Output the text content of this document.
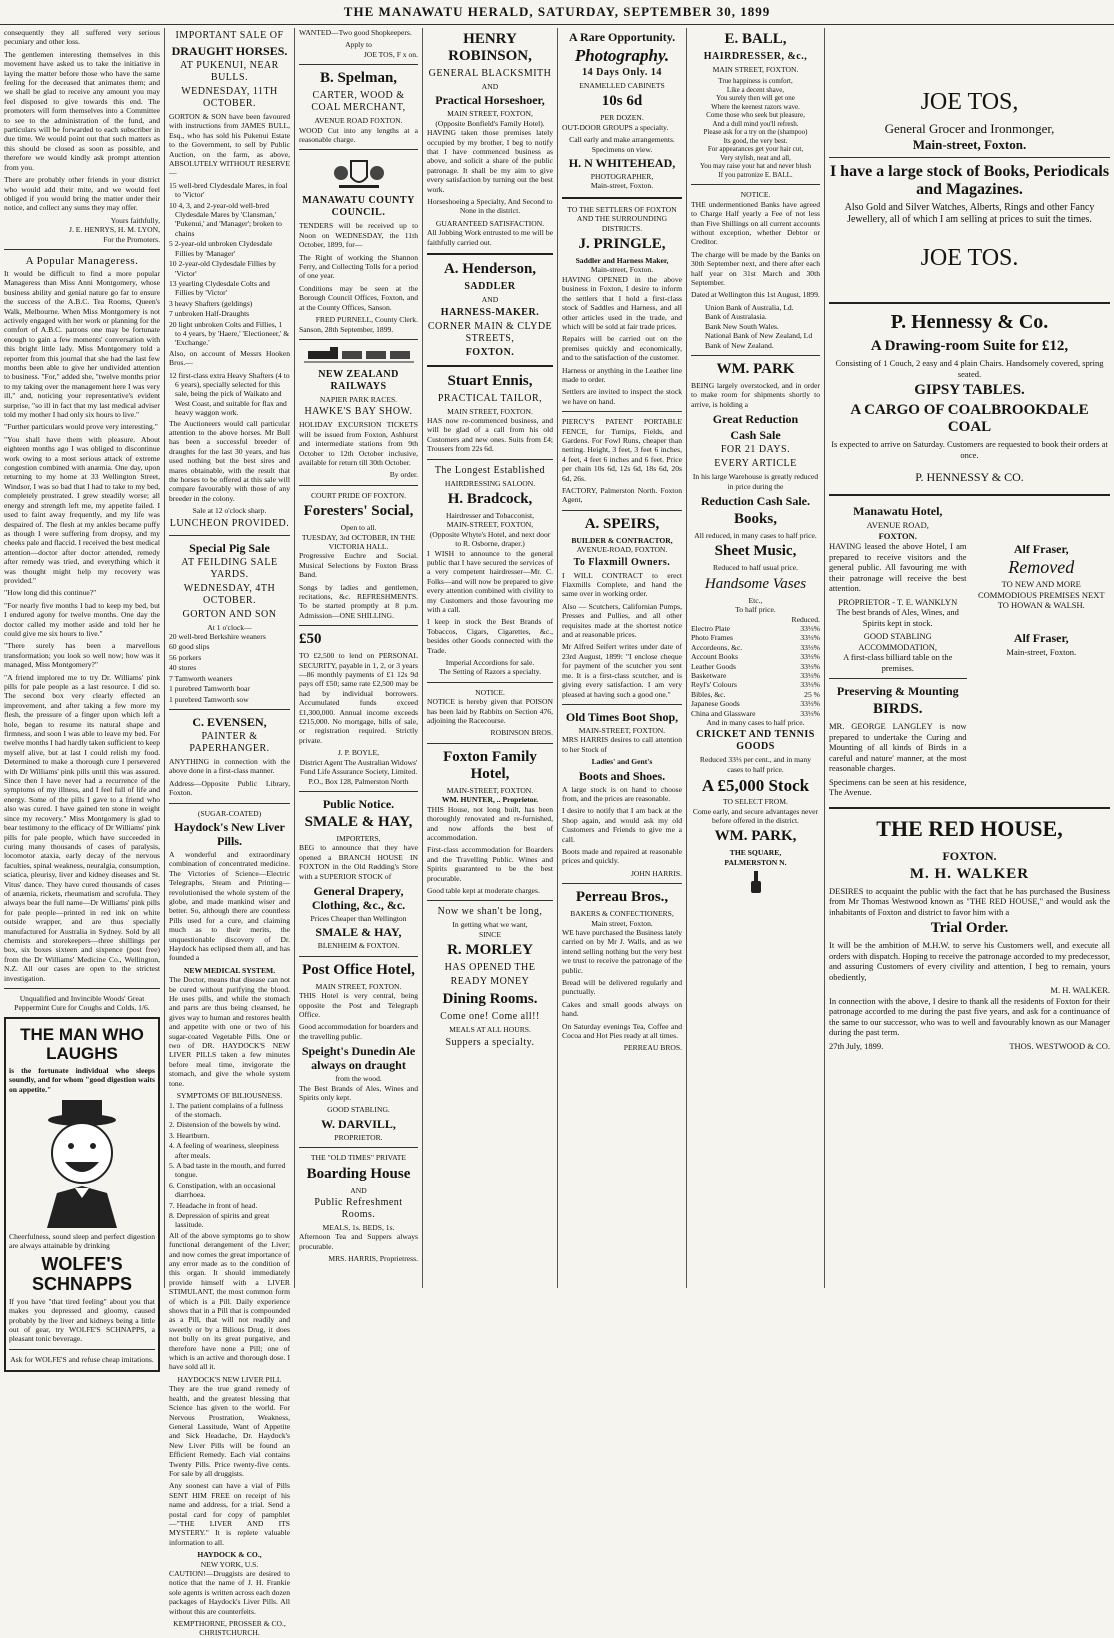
THE MANAWATU HERALD, SATURDAY, SEPTEMBER 30, 1899

consequently they all suffered very serious pecuniary and other loss.

The gentlemen interesting themselves in this movement have asked us to take the initiative in laying the matter before those who have the same feeling for the deceased that animates them; and we shall be glad to receive any amount you may feel disposed to give towards this end. The promoters will form themselves into a Committee to see to the administration of the fund, and particulars will be forwarded to each subscriber in due time. We would point out that such matters as this should be closed as soon as possible, and therefore we would kindly ask prompt attention from you.

There are probably other friends in your district who would add their mite, and we would feel obliged if you would bring the matter under their notice, and collect any sums they may offer.

Yours faithfully,
J. E. HENRYS, H. M. LYON,
For the Promoters.
A Popular Manageress.

It would be difficult to find a more popular Manageress than Miss Anni Montgomery, whose business ability and genial nature go far to ensure the success of the A.B.C. Tea Rooms, Queen's Walk, Melbourne. When Miss Montgomery is not actively engaged with her work or planning for the comfort of A.B.C. patrons one may be fortunate enough to gain a few moments' conversation with this bright little lady. Miss Montgomery told a reporter from this journal that she had the last few months been able to give her undivided attention to business. "For," added she, "twelve months prior to my taking over the management here I was very ill," and, noticing your representative's evident surprise, "so ill in fact that my last medical adviser told my mother I had only six hours to live."

"Further particulars would prove very interesting."

"You shall have them with pleasure. About eighteen months ago I was obliged to discontinue work owing to a most serious attack of extreme congestion combined with anæmia. One day, upon returning to my home at 33 Wellington Street, Windsor, I was so bad that I had to take to my bed, completely prostrated. I grew steadily worse; all energy and strength left me, my appetite failed. I used to faint away frequently, and my life was despaired of. The flesh at my ankles became puffy as though I were suffering from dropsy, and my cheeks pale and flaccid. I received the best medical attention—doctor after doctor attended, remedy after remedy was tried, and everything which it was thought might help my recovery was provided."

"How long did this continue?"

"For nearly five months I had to keep my bed, but I endured agony for twelve months. One day the doctor called my mother aside and told her he could give me six hours to live."

"There surely has been a marvellous transformation; you look so well now; how was it managed, Miss Montgomery?"

"A friend implored me to try Dr. Williams' pink pills for pale people as a last resource. I did so. The second box very clearly effected an improvement, and after taking a few more my flesh, the pressure of a finger upon which left a hole, began to resume its natural shape and firmness, and soon I was able to leave my bed. For twelve months I had hardly taken sufficient to keep myself alive, but at last I could relish my food. Determined to make a thorough cure I persevered with Dr Williams' pink pills until this was assured. Since then I have never had a recurrence of the symptoms of my illness, and I feel full of life and energy. Some of the pills I gave to a friend who also was cured. I have gained ten stone in weight since my recovery." Miss Montgomery is glad to bear testimony to the efficacy of Dr Williams' pink pills for pale people, which have succeeded in curing many thousands of cases of paralysis, locomotor ataxia, early decay of the nervous faculties, spinal weakness, neuralgia, consumption, sciatica, pleurisy, liver and kidney diseases and St. Vitus' dance. They have cured thousands of cases of anæmia, rickets, rheumatism and scrofula. They always bear the full name—Dr Williams' pink pills for pale people—printed in red ink on white outside wrapper, and are thus specially manufactured for Australia in Sydney. Sold by all chemists and storekeepers—three shillings per box, six boxes sixteen and sixpence (post free) from the Dr Williams' Medicine Co., Wellington, N.Z. All our cases are open to the strictest investigation.

Unqualified and Invincible Woods' Great Peppermint Cure for Coughs and Colds, 1/6.

THE MAN WHO LAUGHS

is the fortunate individual who sleeps soundly, and for whom "good digestion waits on appetite."

Cheerfulness, sound sleep and perfect digestion are always attainable by drinking

WOLFE'S SCHNAPPS

If you have "that tired feeling" about you that makes you depressed and gloomy, caused probably by the liver and kidneys being a little out of gear, try WOLFE'S SCHNAPPS, a pleasant tonic beverage.

Ask for WOLFE'S and refuse cheap imitations.

IMPORTANT SALE OF
DRAUGHT HORSES.
AT PUKENUI, NEAR BULLS.
WEDNESDAY, 11TH OCTOBER.

GORTON & SON have been favoured with instructions from JAMES BULL, Esq., who has sold his Pukenui Estate to the Government, to sell by Public Auction, on the farm, as above, ABSOLUTELY WITHOUT RESERVE—

15 well-bred Clydesdale Mares, in foal to 'Victor'
10 4, 3, and 2-year-old well-bred Clydesdale Mares by 'Clansman,' 'Pukenui,' and 'Manager'; broken to chains
5 2-year-old unbroken Clydesdale Fillies by 'Manager'
10 2-year-old Clydesdale Fillies by 'Victor'
13 yearling Clydesdale Colts and Fillies by 'Victor'
3 heavy Shafters (geldings)
7 unbroken Half-Draughts
20 light unbroken Colts and Fillies, 1 to 4 years, by 'Haere,' 'Electioneer,' & 'Exchange.'

Also, on account of Messrs Hooken Bros.—

12 first-class extra Heavy Shafters (4 to 6 years), specially selected for this sale, being the pick of Waikato and West Coast, and suitable for flax and heavy waggon work.

The Auctioneers would call particular attention to the above horses. Mr Bull has been a successful breeder of draughts for the last 30 years, and has used nothing but the best sires and mares obtainable, with the result that the horses to be offered at this sale will compare favourably with those of any breeder in the colony.

Sale at 12 o'clock sharp.
LUNCHEON PROVIDED.
Special Pig Sale
AT FEILDING SALE YARDS.
WEDNESDAY, 4TH OCTOBER.
GORTON AND SON
At 1 o'clock—
20 well-bred Berkshire weaners
60 good slips
56 porkers
40 stores
7 Tamworth weaners
1 purebred Tamworth boar
1 purebred Tamworth sow
C. EVENSEN,
PAINTER & PAPERHANGER.

ANYTHING in connection with the above done in a first-class manner.

Address—Opposite Public Library, Foxton.

(SUGAR-COATED)
Haydock's New Liver Pills.

A wonderful and extraordinary combination of concentrated medicine. The Victories of Science—Electric Telegraphs, Steam and Printing—revolutionised the whole system of the globe, and made mankind wiser and better. So, although there are countless Pills used for a cure, and claiming much as to their merits, the unquestionable discovery of Dr. Haydock has eclipsed them all, and has founded a

NEW MEDICAL SYSTEM.

The Doctor, means that disease can not be cured without purifying the blood. He uses pills, and while the stomach and parts are thus being cleansed, he gives way to human and restores health and appetite with one or two of his sugar-coated Vegetable Pills. One or two of DR. HAYDOCK'S NEW LIVER PILLS taken a few minutes before meal time, invigorate the stomach, and give the whole system tone.

SYMPTOMS OF BILIOUSNESS.
1. The patient complains of a fullness of the stomach.
2. Distension of the bowels by wind.
3. Heartburn.
4. A feeling of weariness, sleepiness after meals.
5. A bad taste in the mouth, and furred tongue.
6. Constipation, with an occasional diarrhoea.
7. Headache in front of head.
8. Depression of spirits and great lassitude.

All of the above symptoms go to show functional derangement of the Liver; and now comes the great importance of any error made as to the condition of this organ. It should immediately provide himself with a LIVER STIMULANT, the most common form of which is a Pill. Daily experience shows that in a Pill that is compounded as a Pill, that will not readily and sweetly or by a Bilious Drug, it does not bully on its great purgative, and therefore have none a Pill; one of which is an active and thorough dose. I have sold all it.

HAYDOCK'S NEW LIVER PILL

They are the true grand remedy of health, and the greatest blessing that Science has given to the world. For Nervous Prostration, Weakness, General Lassitude, Want of Appetite and Sick Headache, Dr. Haydock's New Liver Pills will be found an Efficient Remedy. Each vial contains Twenty Pills. Price twenty-five cents. For sale by all druggists.

Any soonest can have a vial of Pills SENT HIM FREE on receipt of his name and address, for a trial. Send a postal card for copy of pamphlet —"THE LIVER AND ITS MYSTERY." It is replete valuable information to all.

HAYDOCK & CO.,
NEW YORK, U.S.

CAUTION!—Druggists are desired to notice that the name of J. H. Frankie sole agents is written across each dozen packages of Haydock's Liver Pills. All without this are counterfeits.

KEMPTHORNE, PROSSER & CO.,
CHRISTCHURCH.

WANTED—Two good Shopkeepers.

Apply to
JOE TOS, F x on.
B. Spelman,
CARTER, WOOD & COAL MERCHANT,
AVENUE ROAD FOXTON.

WOOD Cut into any lengths at a reasonable charge.

MANAWATU COUNTY COUNCIL.

TENDERS will be received up to Noon on WEDNESDAY, the 11th October, 1899, for—

The Right of working the Shannon Ferry, and Collecting Tolls for a period of one year.

Conditions may be seen at the Borough Council Offices, Foxton, and at the County Offices, Sanson.

FRED PURNELL, County Clerk.
Sanson, 28th September, 1899.
NEW ZEALAND RAILWAYS
NAPIER PARK RACES.
HAWKE'S BAY SHOW.

HOLIDAY EXCURSION TICKETS will be issued from Foxton, Ashhurst and intermediate stations from 9th October to 12th October inclusive, available for return till 30th October.

By order.
COURT PRIDE OF FOXTON.
Foresters' Social,
Open to all.
TUESDAY, 3rd OCTOBER, IN THE VICTORIA HALL.

Progressive Euchre and Social. Musical Selections by Foxton Brass Band.

Songs by ladies and gentlemen, recitations, &c. REFRESHMENTS. To be started promptly at 8 p.m. Admission—ONE SHILLING.

£50

TO £2,500 to lend on PERSONAL SECURITY, payable in 1, 2, or 3 years—86 monthly payments of £1 12s 9d pays off £50; same rate £2,500 may be had by individual borrowers. Accumulated funds exceed £1,300,000. Annual income exceeds £215,000. No mortgage, bills of sale, or registration required. Strictly private.

J. P. BOYLE,
District Agent The Australian Widows' Fund Life Assurance Society, Limited.
P.O., Box 128, Palmerston North
Public Notice.
SMALE & HAY,
IMPORTERS,

BEG to announce that they have opened a BRANCH HOUSE IN FOXTON in the Old Rødding's Store with a SUPERIOR STOCK of

General Drapery, Clothing, &c., &c.
Prices Cheaper than Wellington
SMALE & HAY,
BLENHEIM & FOXTON.
Post Office Hotel,
MAIN STREET, FOXTON.

THIS Hotel is very central, being opposite the Post and Telegraph Office.

Good accommodation for boarders and the travelling public.

Speight's Dunedin Ale always on draught
from the wood.

The Best Brands of Ales, Wines and Spirits only kept.

GOOD STABLING.
W. DARVILL,
PROPRIETOR.
THE "OLD TIMES" PRIVATE
Boarding House
AND
Public Refreshment Rooms.
MEALS, 1s. BEDS, 1s.

Afternoon Tea and Suppers always procurable.

MRS. HARRIS, Proprietress.
HENRY ROBINSON,
GENERAL BLACKSMITH
AND
Practical Horseshoer,
MAIN STREET, FOXTON,
(Opposite Bonfield's Family Hotel).

HAVING taken those premises lately occupied by my brother, I beg to notify that I have commenced business as above, and solicit a share of the public patronage. It shall be my aim to give every satisfaction by turning out the best work.

Horseshoeing a Specialty, And Second to None in the district.

GUARANTEED SATISFACTION.

All Jobbing Work entrusted to me will be faithfully carried out.

A. Henderson,
SADDLER
AND
HARNESS-MAKER.
CORNER MAIN & CLYDE STREETS,
FOXTON.
Stuart Ennis,
PRACTICAL TAILOR,
MAIN STREET, FOXTON.

HAS now re-commenced business, and will be glad of a call from his old Customers and new ones. Suits from £4; Trousers from 22s 6d.

The Longest Established
HAIRDRESSING SALOON.
H. Bradcock,
Hairdresser and Tobacconist,
MAIN-STREET, FOXTON,
(Opposite Whyte's Hotel, and next door to R. Osborne, draper.)

I WISH to announce to the general public that I have secured the services of a very competent hairdresser—Mr. C. Folks—and will now be prepared to give every attention combined with civility to my Customers and those favouring me with a call.

I keep in stock the Best Brands of Tobaccos, Cigars, Cigarettes, &c., besides other Goods connected with the Trade.

Imperial Accordions for sale.
The Setting of Razors a specialty.
NOTICE.

NOTICE is hereby given that POISON has been laid by Rabbits on Section 476, adjoining the Racecourse.

ROBINSON BROS.
Foxton Family Hotel,
MAIN-STREET, FOXTON.
WM. HUNTER, .. Proprietor.

THIS House, not long built, has been thoroughly renovated and re-furnished, and now affords the best of accommodation.

First-class accommodation for Boarders and the Travelling Public. Wines and Spirits guaranteed to be the best procurable.

Good table kept at moderate charges.

Now we shan't be long,
In getting what we want,
SINCE
R. MORLEY
HAS OPENED THE
READY MONEY
Dining Rooms.
Come one! Come all!!
MEALS AT ALL HOURS.
Suppers a specialty.
A Rare Opportunity.
Photography.
14 Days Only. 14
ENAMELLED CABINETS
10s 6d
PER DOZEN.

OUT-DOOR GROUPS a specialty.

Call early and make arrangements.
Specimens on view.
H. N WHITEHEAD,
PHOTOGRAPHER,
Main-street, Foxton.

TO THE SETTLERS OF FOXTON AND THE SURROUNDING DISTRICTS.

J. PRINGLE,
Saddler and Harness Maker,
Main-street, Foxton.

HAVING OPENED in the above business in Foxton, I desire to inform the settlers that I hold a first-class stock of Saddles and Harness, and all other articles used in the trade, and which will be sold at fair trade prices.

Repairs will be carried out on the premises quickly and economically, and to the satisfaction of the customer.

Harness or anything in the Leather line made to order.

Settlers are invited to inspect the stock we have on hand.

PIERCY'S PATENT PORTABLE FENCE, for Turnips, Fields, and Gardens. For Fowl Runs, cheaper than netting. Height, 3 feet, 3 feet 6 inches, 4 feet, 4 feet 6 inches and 6 feet. Price per chain 10s 6d, 12s 6d, 18s 6d, 20s 6d, 26s.

FACTORY, Palmerston North. Foxton Agent,

A. SPEIRS,
BUILDER & CONTRACTOR,
AVENUE-ROAD, FOXTON.
To Flaxmill Owners.

I WILL CONTRACT to erect Flaxmills Complete, and hand the same over in working order.

Also — Scutchers, Californian Pumps, Presses and Pullies, and all other requisites made at the shortest notice and at reasonable prices.

Mr Alfred Seifert writes under date of 23rd August, 1899: "I enclose cheque for payment of the scutcher you sent me. It is a first-class scutcher, and is giving every satisfaction. I am very pleased at having such a good one."

Old Times Boot Shop,
MAIN-STREET, FOXTON.

MRS HARRIS desires to call attention to her Stock of

Ladies' and Gent's
Boots and Shoes.

A large stock is on hand to choose from, and the prices are reasonable.

I desire to notify that I am back at the Shop again, and would ask my old Customers and Friends to give me a call.

Boots made and repaired at reasonable prices and quickly.

JOHN HARRIS.
Perreau Bros.,
BAKERS & CONFECTIONERS,
Main street, Foxton.

WE have purchased the Business lately carried on by Mr J. Walls, and as we intend selling nothing but the very best we trust to receive the patronage of the public.

Bread will be delivered regularly and punctually.

Cakes and small goods always on hand.

On Saturday evenings Tea, Coffee and Cocoa and Hot Pies ready at all times.

PERREAU BROS.
E. BALL,
HAIRDRESSER, &c.,
MAIN STREET, FOXTON.
True happiness is comfort,
Like a decent shave,
You surely then will get one
Where the keenest razors wave.
Come those who seek but pleasure,
And a dull mind you'll refresh.
Please ask for a try on the (shampoo)
Its good, the very best.
For appearances get your hair cut,
Very stylish, neat and all,
You may raise your hat and never blush
If you patronize E. BALL.
NOTICE.

THE undermentioned Banks have agreed to Charge Half yearly a Fee of not less than Five Shillings on all current accounts without exception, whether Debtor or Creditor.

The charge will be made by the Banks on 30th September next, and there after each half year on 31st March and 30th September.

Dated at Wellington this 1st August, 1899.

Union Bank of Australia, Ld.
Bank of Australasia.
Bank New South Wales.
National Bank of New Zealand, Ld
Bank of New Zealand.
WM. PARK

BEING largely overstocked, and in order to make room for shipments shortly to arrive, is holding a

Great Reduction
Cash Sale
FOR 21 DAYS.
EVERY ARTICLE

In his large Warehouse is greatly reduced in price during the

Reduction Cash Sale.
Books,
All reduced, in many cases to half price.
Sheet Music,
Reduced to half usual price.
Handsome Vases
Etc.,
To half price.
Reduced.
Electro Plate	33⅓%
Photo Frames	33⅓%
Accordeons, &c.	33⅓%
Account Books	33⅓%
Leather Goods	33⅓%
Basketware	33⅓%
Reyl's' Colours	33⅓%
Bibles, &c.	25 %
Japanese Goods	33⅓%
China and Glassware	33⅓%
And in many cases to half price.
CRICKET AND TENNIS GOODS
Reduced 33⅓ per cent., and in many cases to half price.
A £5,000 Stock
TO SELECT FROM.

Come early, and secure advantages never before offered in the district.

WM. PARK,
THE SQUARE,
PALMERSTON N.
JOE TOS,
General Grocer and Ironmonger,
Main-street, Foxton.
I have a large stock of Books, Periodicals and Magazines.

Also Gold and Silver Watches, Alberts, Rings and other Fancy Jewellery, all of which I am selling at prices to suit the times.

JOE TOS.
P. Hennessy & Co.
A Drawing-room Suite for £12,

Consisting of 1 Couch, 2 easy and 4 plain Chairs. Handsomely covered, spring seated.

GIPSY TABLES.
A CARGO OF COALBROOKDALE COAL

Is expected to arrive on Saturday. Customers are requested to book their orders at once.

P. HENNESSY & CO.
Manawatu Hotel,
AVENUE ROAD,
FOXTON.

HAVING leased the above Hotel, I am prepared to receive visitors and the general public. All favouring me with their patronage will receive the best attention.

PROPRIETOR - T. E. WANKLYN

The best brands of Ales, Wines, and Spirits kept in stock.

GOOD STABLING ACCOMMODATION,

A first-class billiard table on the premises.

Preserving & Mounting
BIRDS.

MR. GEORGE LANGLEY is now prepared to undertake the Curing and Mounting of all kinds of Birds in a careful and nature' manner, at the most reasonable charges.

Specimens can be seen at his residence, The Avenue.

Alf Fraser,
Removed

TO NEW AND MORE COMMODIOUS PREMISES NEXT TO HOWAN & WALSH.

Alf Fraser,
Main-street, Foxton.
THE RED HOUSE,
FOXTON.
M. H. WALKER

DESIRES to acquaint the public with the fact that he has purchased the Business from Mr Thomas Westwood known as "THE RED HOUSE," and would ask the inhabitants of Foxton and district to favor him with a

Trial Order.

It will be the ambition of M.H.W. to serve his Customers well, and execute all orders with dispatch. Hoping to receive the patronage accorded to my predecessor, and assuring Customers of every civility and attention, I beg to remain, yours obediently,

M. H. WALKER.

In connection with the above, I desire to thank all the residents of Foxton for their patronage accorded to me during the past five years, and ask for a continuance of the same to our successor, who was to well and favourably known as our Manager during the past term.

27th July, 1899.	THOS. WESTWOOD & CO.
